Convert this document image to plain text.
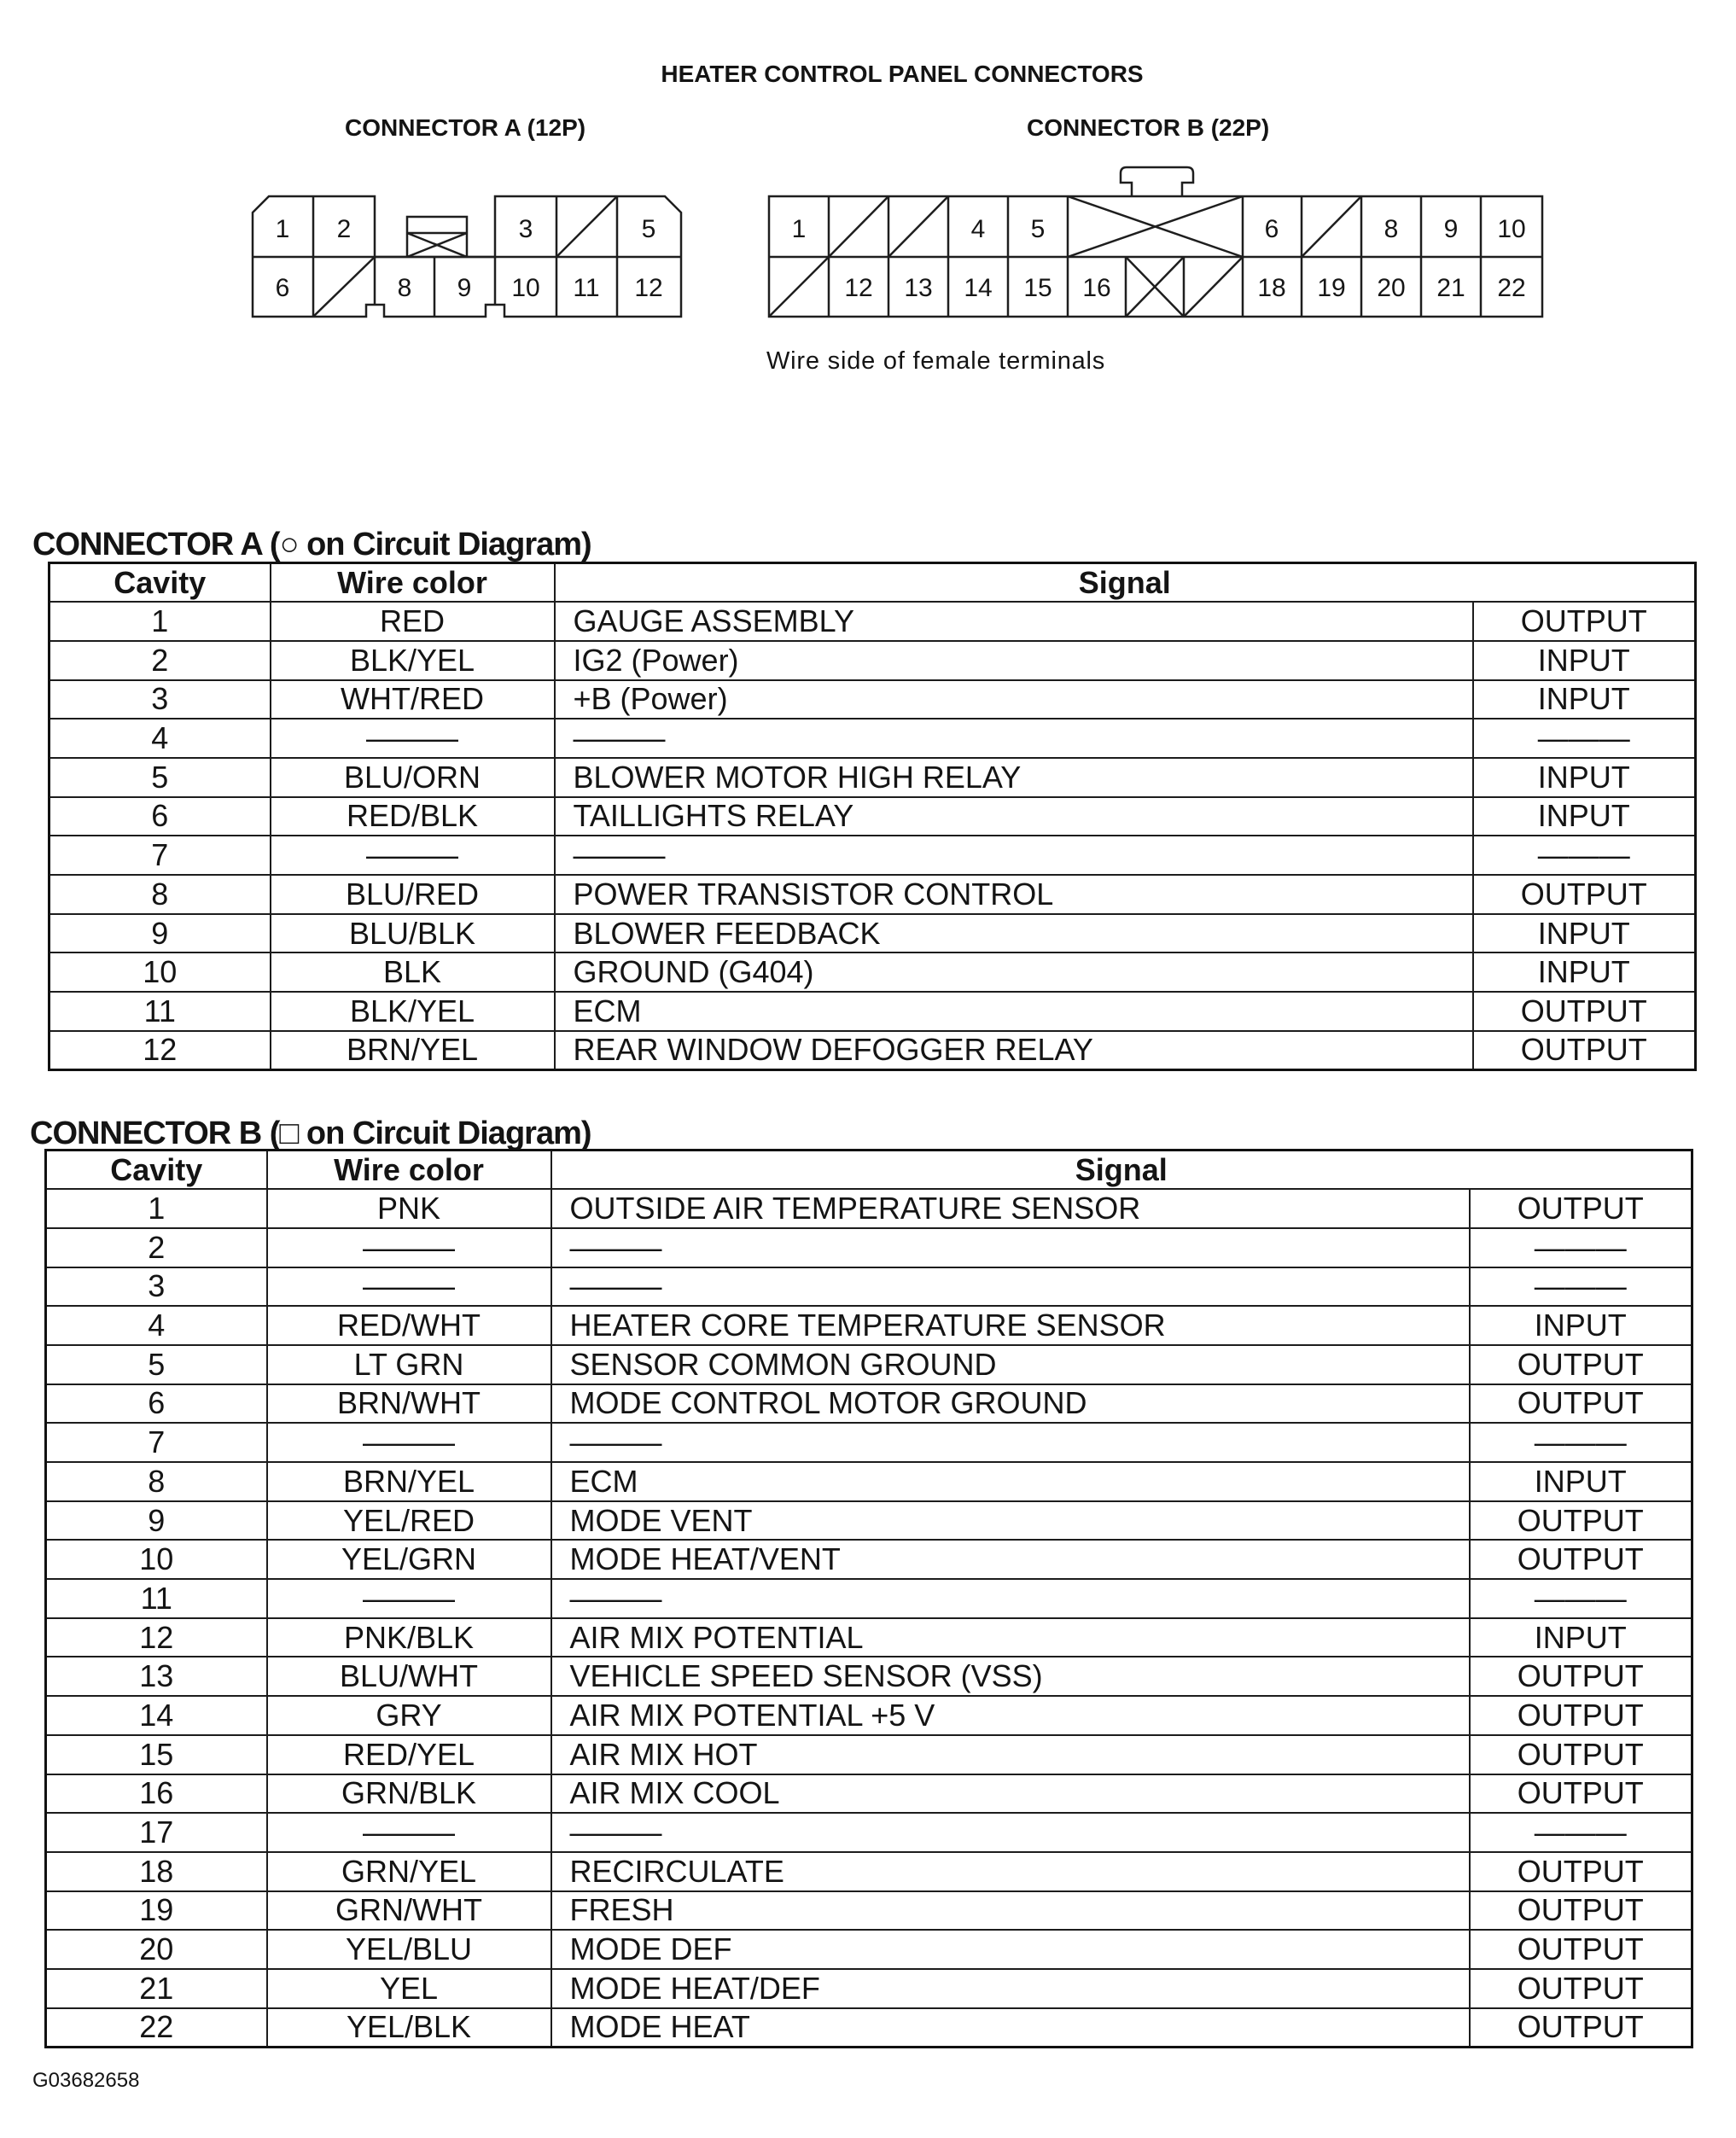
HEATER CONTROL PANEL CONNECTORS
CONNECTOR A (12P)	CONNECTOR B (22P)
1 2	3	5
6	8 9 10 11 12
1	4 5	6	8 9 10
12 13 14 15 16	18 19 20 21 22
Wire side of female terminals
CONNECTOR A (○ on Circuit Diagram)
Cavity	Wire color	Signal	
1	RED	GAUGE ASSEMBLY	OUTPUT
2	BLK/YEL	IG2 (Power)	INPUT
3	WHT/RED	+B (Power)	INPUT
4	———	———	———
5	BLU/ORN	BLOWER MOTOR HIGH RELAY	INPUT
6	RED/BLK	TAILLIGHTS RELAY	INPUT
7	———	———	———
8	BLU/RED	POWER TRANSISTOR CONTROL	OUTPUT
9	BLU/BLK	BLOWER FEEDBACK	INPUT
10	BLK	GROUND (G404)	INPUT
11	BLK/YEL	ECM	OUTPUT
12	BRN/YEL	REAR WINDOW DEFOGGER RELAY	OUTPUT
CONNECTOR B (□ on Circuit Diagram)
Cavity	Wire color	Signal	
1	PNK	OUTSIDE AIR TEMPERATURE SENSOR	OUTPUT
2	———	———	———
3	———	———	———
4	RED/WHT	HEATER CORE TEMPERATURE SENSOR	INPUT
5	LT GRN	SENSOR COMMON GROUND	OUTPUT
6	BRN/WHT	MODE CONTROL MOTOR GROUND	OUTPUT
7	———	———	———
8	BRN/YEL	ECM	INPUT
9	YEL/RED	MODE VENT	OUTPUT
10	YEL/GRN	MODE HEAT/VENT	OUTPUT
11	———	———	———
12	PNK/BLK	AIR MIX POTENTIAL	INPUT
13	BLU/WHT	VEHICLE SPEED SENSOR (VSS)	OUTPUT
14	GRY	AIR MIX POTENTIAL +5 V	OUTPUT
15	RED/YEL	AIR MIX HOT	OUTPUT
16	GRN/BLK	AIR MIX COOL	OUTPUT
17	———	———	———
18	GRN/YEL	RECIRCULATE	OUTPUT
19	GRN/WHT	FRESH	OUTPUT
20	YEL/BLU	MODE DEF	OUTPUT
21	YEL	MODE HEAT/DEF	OUTPUT
22	YEL/BLK	MODE HEAT	OUTPUT
G03682658
